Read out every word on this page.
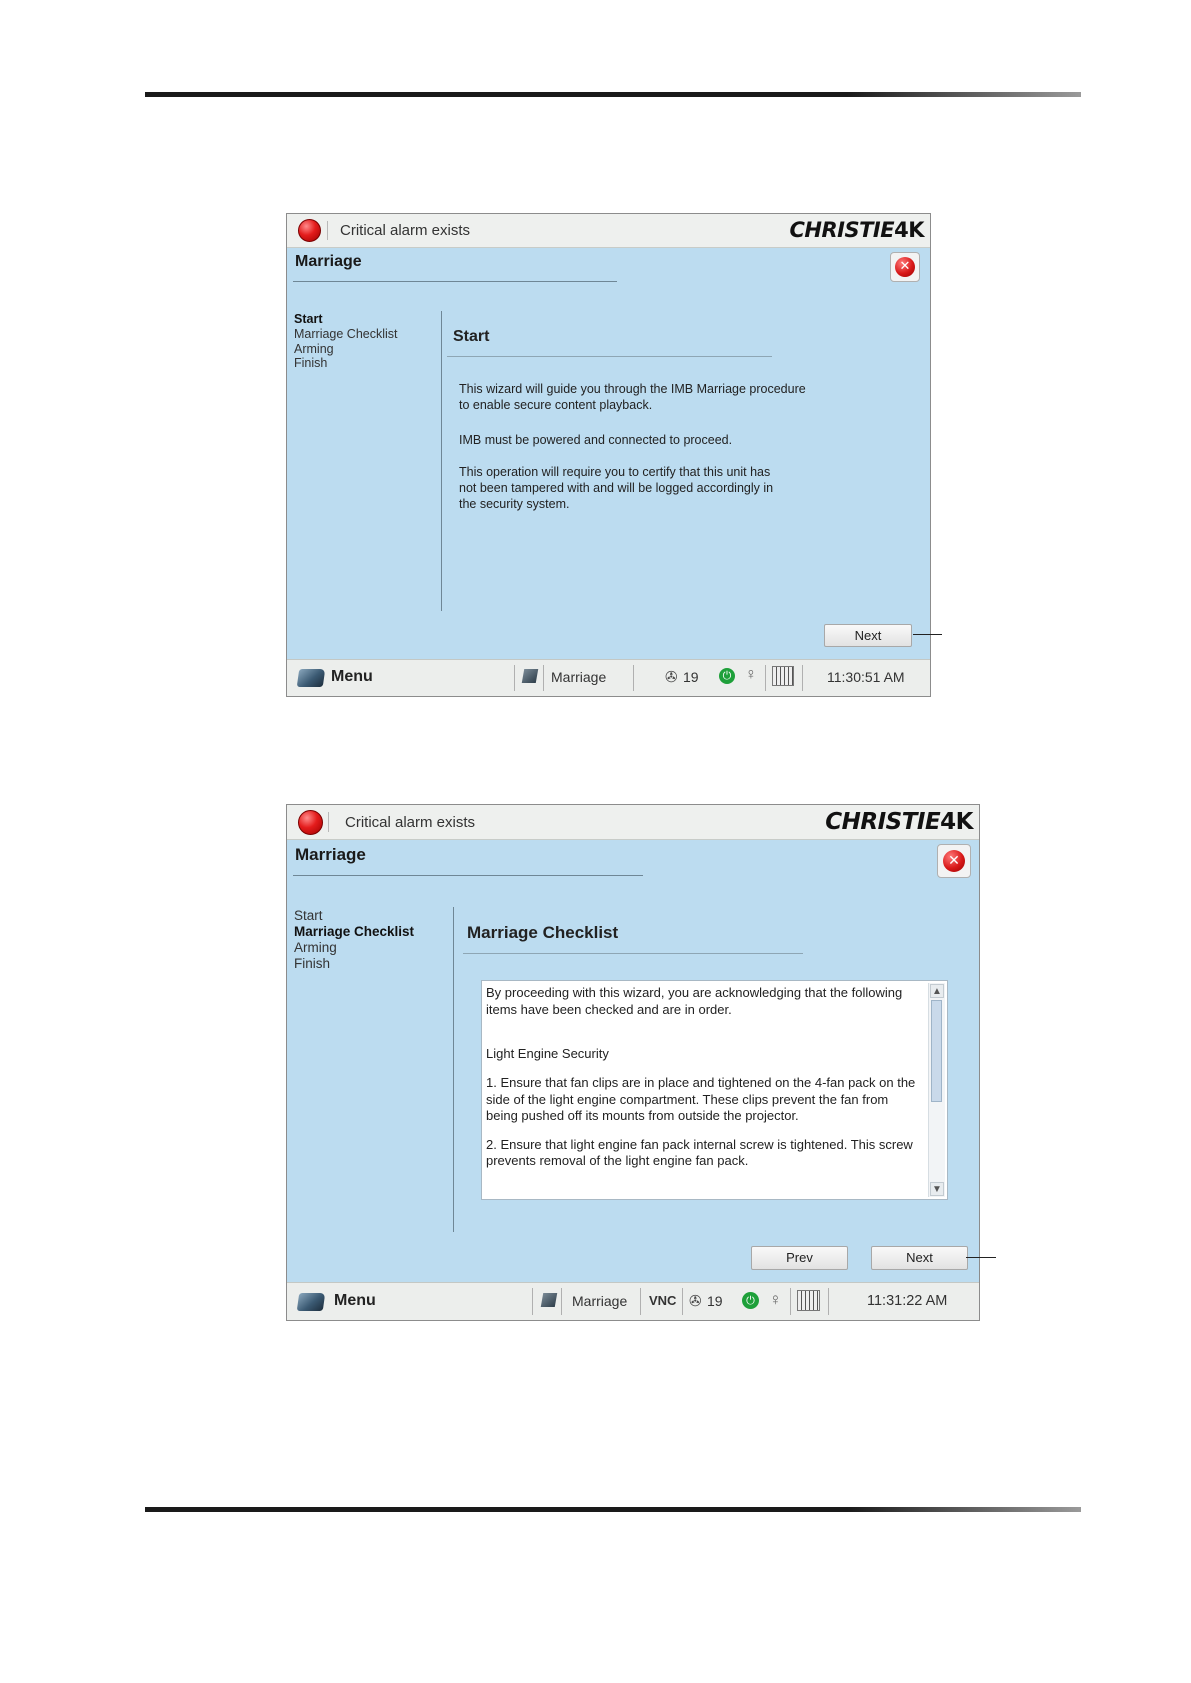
Critical alarm exists	CHRISTIE4K
Marriage	✕
Start
Marriage Checklist
Arming
Finish
Start

This wizard will guide you through the IMB Marriage procedure to enable secure content playback.

IMB must be powered and connected to proceed.

This operation will require you to certify that this unit has not been tampered with and will be logged accordingly in the security system.

Next
Menu	Marriage	✇ 19	⏻ ♀	11:30:51 AM
Critical alarm exists	CHRISTIE4K
Marriage	✕
Start
Marriage Checklist
Arming
Finish
Marriage Checklist

By proceeding with this wizard, you are acknowledging that the following items have been checked and are in order.

Light Engine Security

1. Ensure that fan clips are in place and tightened on the 4-fan pack on the side of the light engine compartment. These clips prevent the fan from being pushed off its mounts from outside the projector.

2. Ensure that light engine fan pack internal screw is tightened. This screw prevents removal of the light engine fan pack.

▲
▼
Prev	Next
Menu	Marriage VNC ✇ 19	⏻ ♀	11:31:22 AM
